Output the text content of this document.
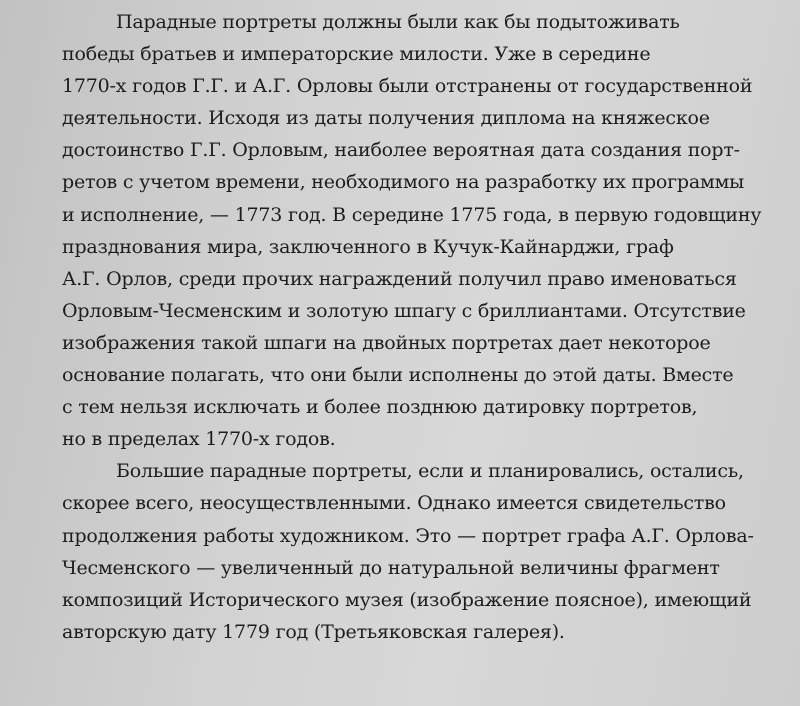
Парадные портреты должны были как бы подытоживать
победы братьев и императорские милости. Уже в середине
1770-х годов Г.Г. и А.Г. Орловы были отстранены от государственной
деятельности. Исходя из даты получения диплома на княжеское
достоинство Г.Г. Орловым, наиболее вероятная дата создания порт-
ретов с учетом времени, необходимого на разработку их программы
и исполнение, — 1773 год. В середине 1775 года, в первую годовщину
празднования мира, заключенного в Кучук-Кайнарджи, граф
А.Г. Орлов, среди прочих награждений получил право именоваться
Орловым-Чесменским и золотую шпагу с бриллиантами. Отсутствие
изображения такой шпаги на двойных портретах дает некоторое
основание полагать, что они были исполнены до этой даты. Вместе
с тем нельзя исключать и более позднюю датировку портретов,
но в пределах 1770-х годов.

Большие парадные портреты, если и планировались, остались,
скорее всего, неосуществленными. Однако имеется свидетельство
продолжения работы художником. Это — портрет графа А.Г. Орлова-
Чесменского — увеличенный до натуральной величины фрагмент
композиций Исторического музея (изображение поясное), имеющий
авторскую дату 1779 год (Третьяковская галерея).
